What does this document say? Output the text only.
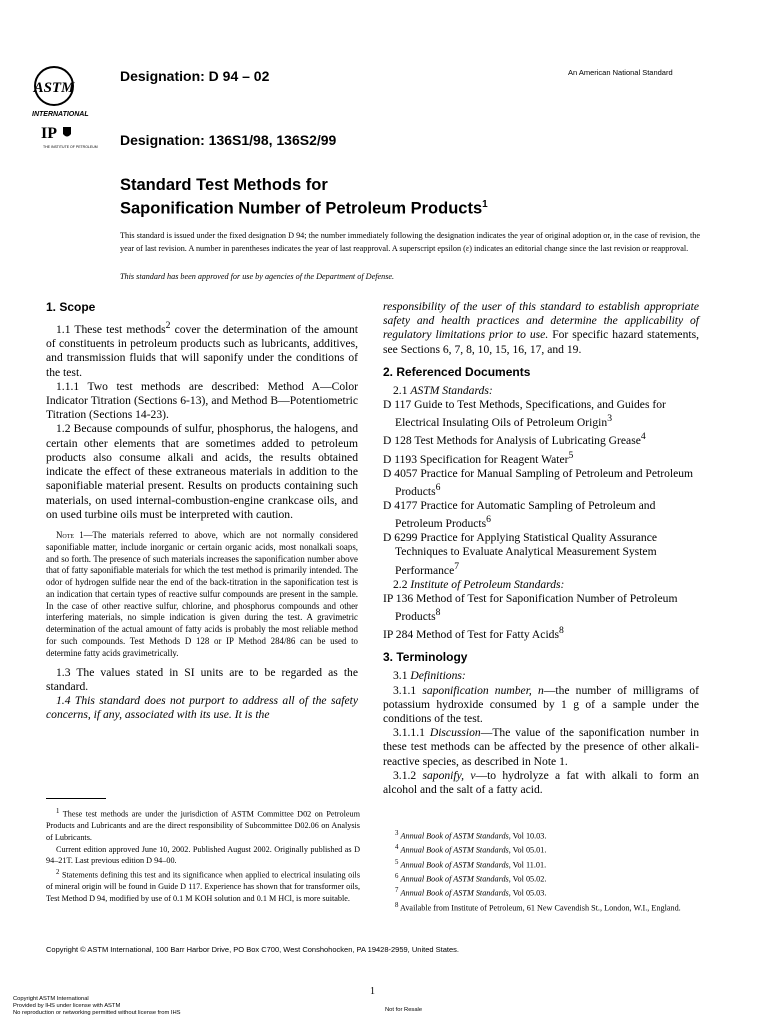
ASTM
INTERNATIONAL
IP
THE INSTITUTE OF PETROLEUM
Designation: D 94 – 02	An American National Standard
Designation: 136S1/98, 136S2/99
Standard Test Methods for
Saponification Number of Petroleum Products$^1$
This standard is issued under the fixed designation D 94; the number immediately following the designation indicates the year of original adoption or, in the case of revision, the year of last revision. A number in parentheses indicates the year of last reapproval. A superscript epsilon (ε) indicates an editorial change since the last revision or reapproval.
This standard has been approved for use by agencies of the Department of Defense.
1. Scope

1.1 These test methods$^2$ cover the determination of the amount of constituents in petroleum products such as lubricants, additives, and transmission fluids that will saponify under the conditions of the test.

1.1.1 Two test methods are described: Method A—Color Indicator Titration (Sections 6-13), and Method B—Potentiometric Titration (Sections 14-23).

1.2 Because compounds of sulfur, phosphorus, the halogens, and certain other elements that are sometimes added to petroleum products also consume alkali and acids, the results obtained indicate the effect of these extraneous materials in addition to the saponifiable material present. Results on products containing such materials, on used internal-combustion-engine crankcase oils, and on used turbine oils must be interpreted with caution.

Note 1—The materials referred to above, which are not normally considered saponifiable matter, include inorganic or certain organic acids, most nonalkali soaps, and so forth. The presence of such materials increases the saponification number above that of fatty saponifiable materials for which the test method is primarily intended. The odor of hydrogen sulfide near the end of the back-titration in the saponification test is an indication that certain types of reactive sulfur compounds are present in the sample. In the case of other reactive sulfur, chlorine, and phosphorus compounds and other interfering materials, no simple indication is given during the test. A gravimetric determination of the actual amount of fatty acids is probably the most reliable method for such compounds. Test Methods D 128 or IP Method 284/86 can be used to determine fatty acids gravimetrically.

1.3 The values stated in SI units are to be regarded as the standard.

1.4 This standard does not purport to address all of the safety concerns, if any, associated with its use. It is the

responsibility of the user of this standard to establish appropriate safety and health practices and determine the applicability of regulatory limitations prior to use. For specific hazard statements, see Sections 6, 7, 8, 10, 15, 16, 17, and 19.

2. Referenced Documents

2.1 ASTM Standards:

D 117 Guide to Test Methods, Specifications, and Guides for Electrical Insulating Oils of Petroleum Origin$^3$
D 128 Test Methods for Analysis of Lubricating Grease$^4$
D 1193 Specification for Reagent Water$^5$
D 4057 Practice for Manual Sampling of Petroleum and Petroleum Products$^6$
D 4177 Practice for Automatic Sampling of Petroleum and Petroleum Products$^6$
D 6299 Practice for Applying Statistical Quality Assurance Techniques to Evaluate Analytical Measurement System Performance$^7$

2.2 Institute of Petroleum Standards:

IP 136 Method of Test for Saponification Number of Petroleum Products$^8$
IP 284 Method of Test for Fatty Acids$^8$
3. Terminology

3.1 Definitions:

3.1.1 saponification number, n—the number of milligrams of potassium hydroxide consumed by 1 g of a sample under the conditions of the test.

3.1.1.1 Discussion—The value of the saponification number in these test methods can be affected by the presence of other alkali-reactive species, as described in Note 1.

3.1.2 saponify, v—to hydrolyze a fat with alkali to form an alcohol and the salt of a fatty acid.

$^1$ These test methods are under the jurisdiction of ASTM Committee D02 on Petroleum Products and Lubricants and are the direct responsibility of Subcommittee D02.06 on Analysis of Lubricants.

Current edition approved June 10, 2002. Published August 2002. Originally published as D 94–21T. Last previous edition D 94–00.

$^2$ Statements defining this test and its significance when applied to electrical insulating oils of mineral origin will be found in Guide D 117. Experience has shown that for transformer oils, Test Method D 94, modified by use of 0.1 M KOH solution and 0.1 M HCl, is more suitable.

$^3$ Annual Book of ASTM Standards, Vol 10.03.

$^4$ Annual Book of ASTM Standards, Vol 05.01.

$^5$ Annual Book of ASTM Standards, Vol 11.01.

$^6$ Annual Book of ASTM Standards, Vol 05.02.

$^7$ Annual Book of ASTM Standards, Vol 05.03.

$^8$ Available from Institute of Petroleum, 61 New Cavendish St., London, W.I., England.

Copyright © ASTM International, 100 Barr Harbor Drive, PO Box C700, West Conshohocken, PA 19428-2959, United States.
1
Copyright ASTM International
Provided by IHS under license with ASTM
No reproduction or networking permitted without license from IHS
Not for Resale
